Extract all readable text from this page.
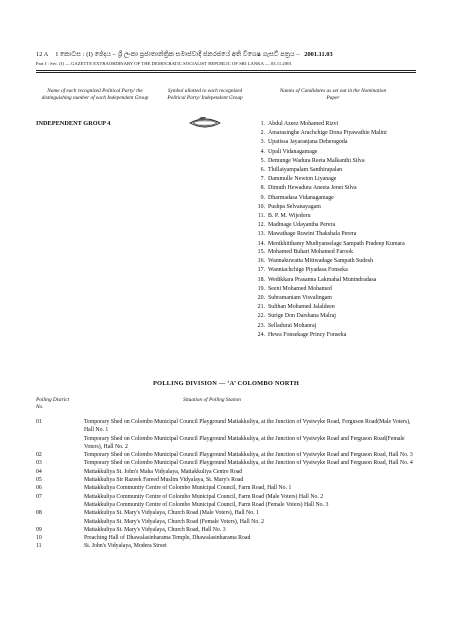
12 A I කොටස : (I) ඡේදය – ශ්‍රී ලංකා ප්‍රජාතාන්ත්‍රික සමාජවාදී ජනරජයේ අති විශෙෂ ගැසට් පත්‍රය – 2001.11.03
Part I : Sec. (I) — GAZETTE EXTRAORDINARY OF THE DEMOCRATIC SOCIALIST REPUBLIC OF SRI LANKA — 03.11.2001
Name of each recognized Political Party/ the distinguishing number of each Independent Group
Symbol allotted to each recognized Political Party/ Independent Group
Names of Candidates as set out in the Nomination Paper
INDEPENDENT GROUP 4	1. Abdul Azeez Mohamed Rizvi
2. Amarasinghe Arachchige Dona Piyawathie Malini
3. Upatissa Jayaranjana Deheragoda
4. Upali Vidanagamage
5. Demunge Wadura Reeta Malkanthi Silva
6. Thillaiyampalam Santhirapalan
7. Dammulle Newton Liyanage
8. Dimuth Hewadura Aneeta Jenet Silva
9. Dharmadasa Vidanagamage
10. Pushpa Selvanayagam
11. B. P. M. Wijedoru
12. Madinage Udayantha Perera
13. Mawathage Ruwini Thakshala Perera
14. Menikhitthamy Mudiyanselage Sampath Pradeep Kumara
15. Mohamed Buhari Mohamed Farook
16. Wannakuwatta Mittwadage Sampath Sudesh
17. Wanniachchige Piyadasa Fonseka
18. Wedikkara Prasanna Lakmahal Munindradasa
19. Seeni Mohamed Mohamed
20. Subramaniam Visvalingam
21. Sulthan Mohamed Jalaldeen
22. Surige Don Darshana Malraj
23. Selladurai Mohanraj
24. Hewa Fonsekage Princy Fonseka
POLLING DIVISION — ‘A’ COLOMBO NORTH
Polling District No.
Situation of Polling Station
01	Temporary Shed on Colombo Municipal Council Playground Mattakkuliya, at the Junction of Vystwyke Road, Ferguson Road(Male Voters), Hall No. 1
Temporary Shed on Colombo Municipal Council Playground Mattakkuliya, at the Junction of Vystwyke Road and Ferguson Road(Female Voters), Hall No. 2
02	Temporary Shed on Colombo Municipal Council Playground Mattakkuliya, at the Junction of Vystwyke Road and Ferguson Road, Hall No. 3
03	Temporary Shed on Colombo Municipal Council Playground Mattakkuliya, at the Junction of Vystwyke Road and Ferguson Road, Hall No. 4
04	Mattakkuliya St. John's Maha Vidyalaya, Mattakkuliya Centre Road
05	Mattakkuliya Sir Razeek Fareed Muslim Vidyalaya, St. Mary's Road
06	Mattakkuliya Community Centre of Colombo Municipal Council, Farm Road, Hall No. 1
07	Mattakkuliya Community Centre of Colombo Municipal Council, Farm Road (Male Voters) Hall No. 2
Mattakkuliya Community Centre of Colombo Municipal Council, Farm Road (Female Voters) Hall No. 3
08	Mattakkuliya St. Mary's Vidyalaya, Church Road (Male Voters), Hall No. 1
Mattakkuliya St. Mary's Vidyalaya, Church Road (Female Voters), Hall No. 2
09	Mattakkuliya St. Mary's Vidyalaya, Church Road, Hall No. 3
10	Preaching Hall of Dhawalasinharama Temple, Dhawalasinharama Road
11	St. John's Vidyalaya, Modera Street
